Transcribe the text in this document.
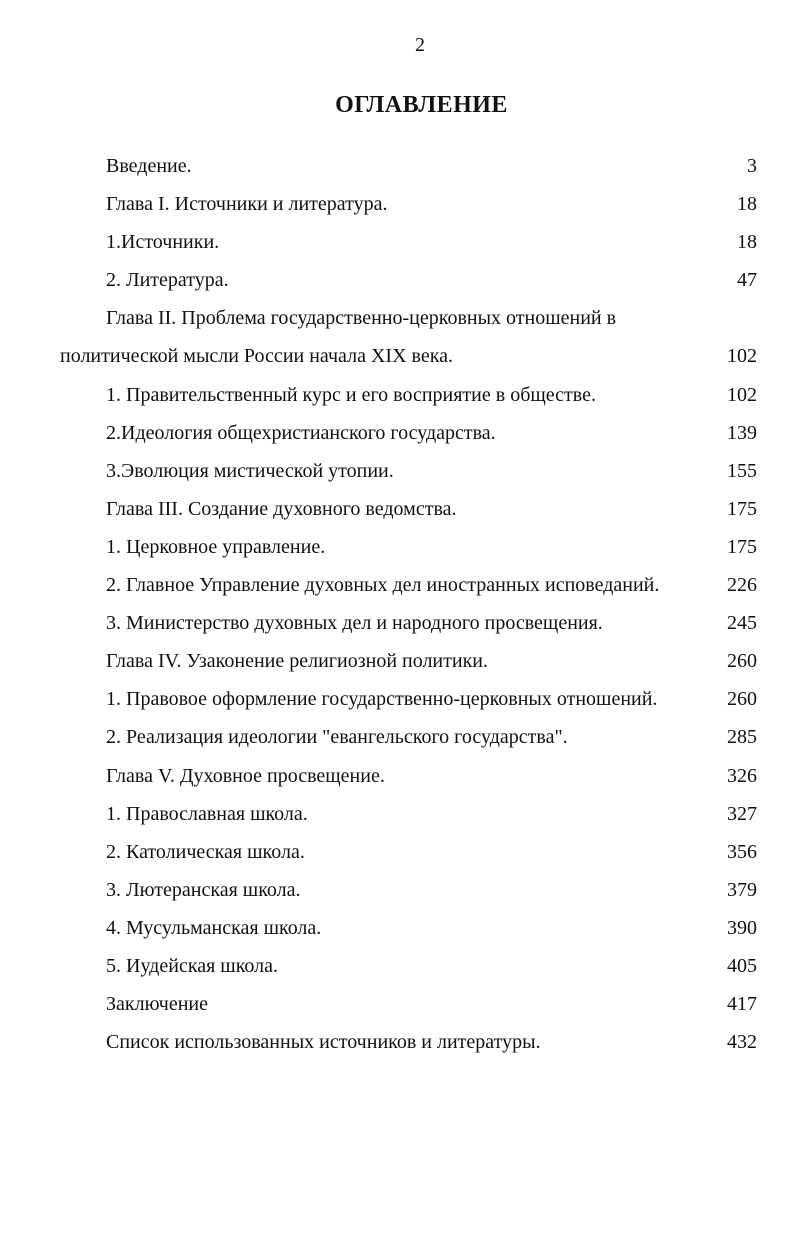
2
ОГЛАВЛЕНИЕ
Введение.	3
Глава I. Источники и литература.	18
1.Источники.	18
2. Литература.	47
Глава II. Проблема государственно-церковных отношений в
политической мысли России начала XIX века.	102
1. Правительственный курс и его восприятие в обществе.	102
2.Идеология общехристианского государства.	139
3.Эволюция мистической утопии.	155
Глава III. Создание духовного ведомства.	175
1. Церковное управление.	175
2. Главное Управление духовных дел иностранных исповеданий.	226
3. Министерство духовных дел и народного просвещения.	245
Глава IV. Узаконение религиозной политики.	260
1. Правовое оформление государственно-церковных отношений.	260
2. Реализация идеологии "евангельского государства".	285
Глава V. Духовное просвещение.	326
1. Православная школа.	327
2. Католическая школа.	356
3. Лютеранская школа.	379
4. Мусульманская школа.	390
5. Иудейская школа.	405
Заключение	417
Список использованных источников и литературы.	432
